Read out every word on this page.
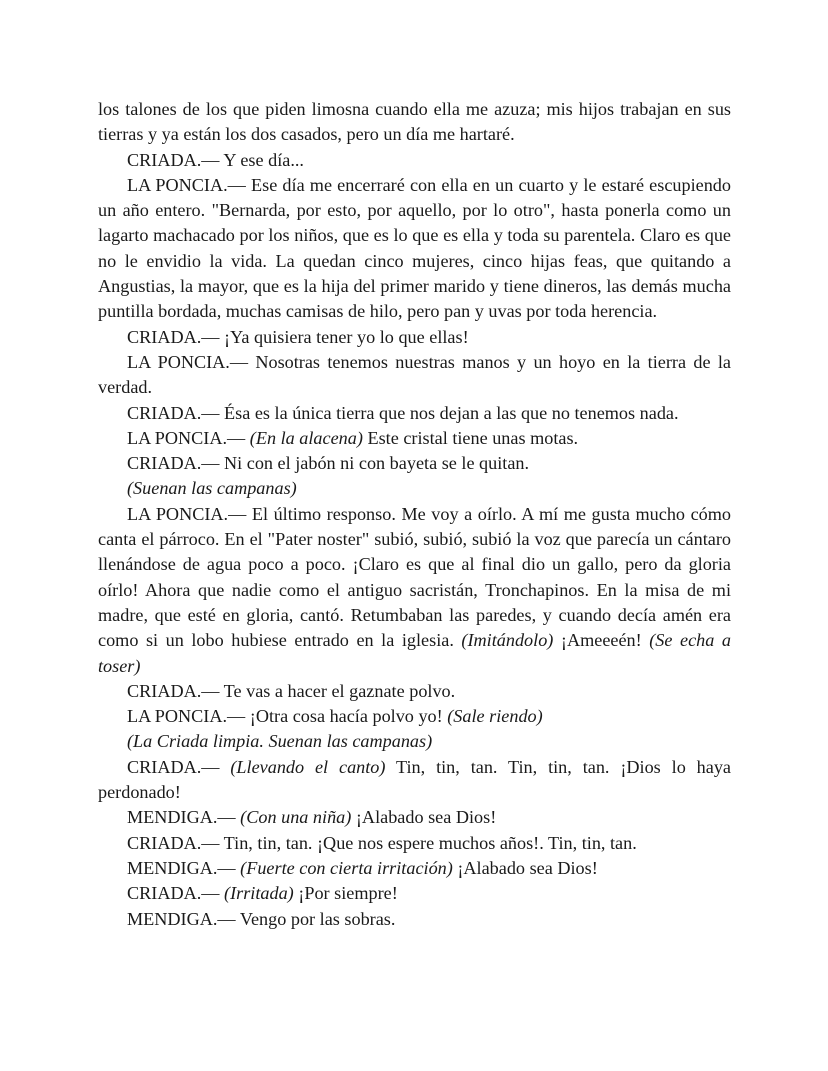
los talones de los que piden limosna cuando ella me azuza; mis hijos trabajan en sus tierras y ya están los dos casados, pero un día me hartaré.

CRIADA.— Y ese día...

LA PONCIA.— Ese día me encerraré con ella en un cuarto y le estaré escupiendo un año entero. "Bernarda, por esto, por aquello, por lo otro", hasta ponerla como un lagarto machacado por los niños, que es lo que es ella y toda su parentela. Claro es que no le envidio la vida. La quedan cinco mujeres, cinco hijas feas, que quitando a Angustias, la mayor, que es la hija del primer marido y tiene dineros, las demás mucha puntilla bordada, muchas camisas de hilo, pero pan y uvas por toda herencia.

CRIADA.— ¡Ya quisiera tener yo lo que ellas!

LA PONCIA.— Nosotras tenemos nuestras manos y un hoyo en la tierra de la verdad.

CRIADA.— Ésa es la única tierra que nos dejan a las que no tenemos nada.

LA PONCIA.— (En la alacena) Este cristal tiene unas motas.

CRIADA.— Ni con el jabón ni con bayeta se le quitan.

(Suenan las campanas)

LA PONCIA.— El último responso. Me voy a oírlo. A mí me gusta mucho cómo canta el párroco. En el "Pater noster" subió, subió, subió la voz que parecía un cántaro llenándose de agua poco a poco. ¡Claro es que al final dio un gallo, pero da gloria oírlo! Ahora que nadie como el antiguo sacristán, Tronchapinos. En la misa de mi madre, que esté en gloria, cantó. Retumbaban las paredes, y cuando decía amén era como si un lobo hubiese entrado en la iglesia. (Imitándolo) ¡Ameeeén! (Se echa a toser)

CRIADA.— Te vas a hacer el gaznate polvo.

LA PONCIA.— ¡Otra cosa hacía polvo yo! (Sale riendo)

(La Criada limpia. Suenan las campanas)

CRIADA.— (Llevando el canto) Tin, tin, tan. Tin, tin, tan. ¡Dios lo haya perdonado!

MENDIGA.— (Con una niña) ¡Alabado sea Dios!

CRIADA.— Tin, tin, tan. ¡Que nos espere muchos años!. Tin, tin, tan.

MENDIGA.— (Fuerte con cierta irritación) ¡Alabado sea Dios!

CRIADA.— (Irritada) ¡Por siempre!

MENDIGA.— Vengo por las sobras.
